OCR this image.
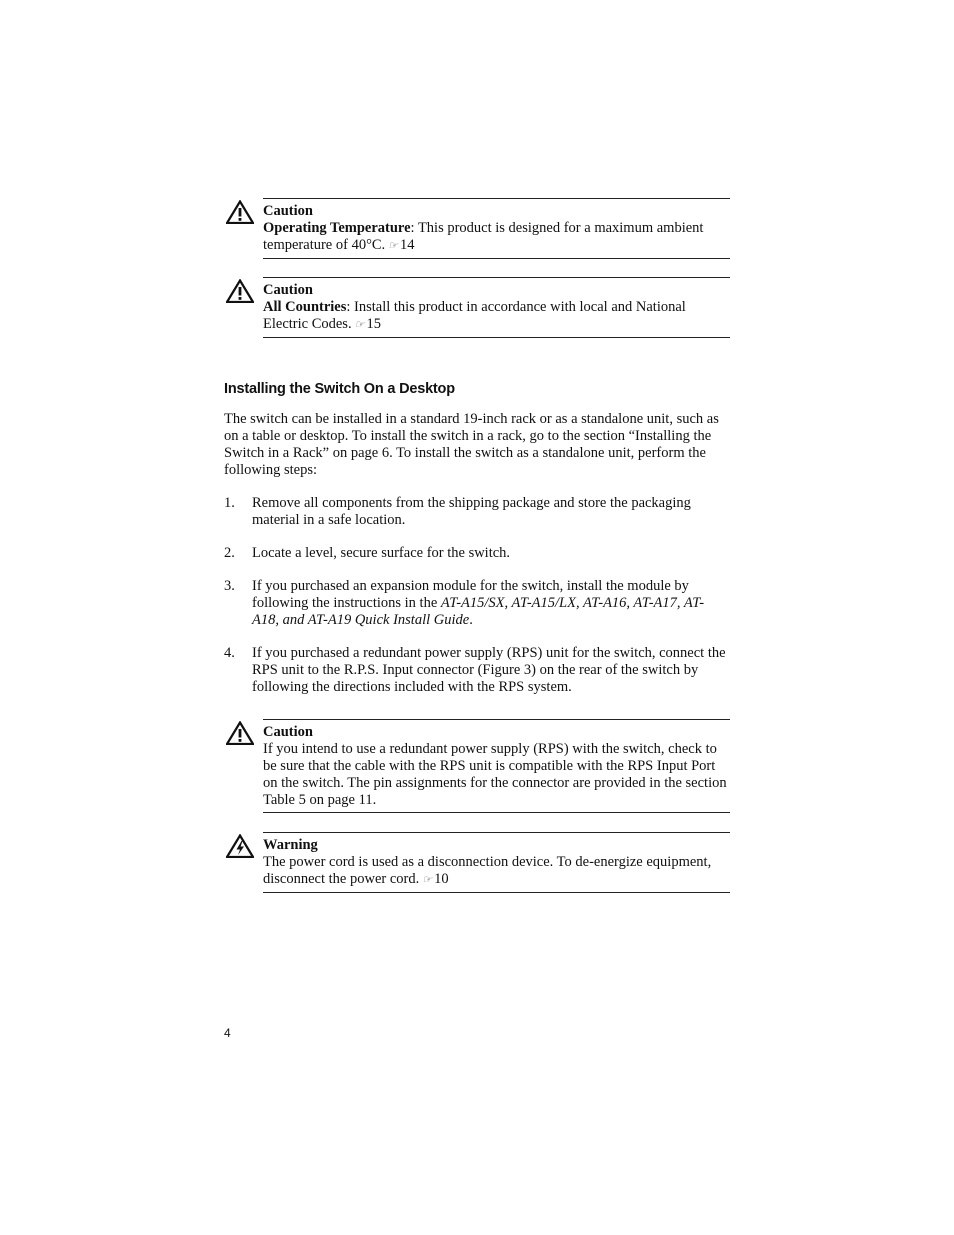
Caution
Operating Temperature: This product is designed for a maximum ambient temperature of 40°C. ☞ 14
Caution
All Countries: Install this product in accordance with local and National Electric Codes. ☞ 15
Installing the Switch On a Desktop
The switch can be installed in a standard 19-inch rack or as a standalone unit, such as on a table or desktop. To install the switch in a rack, go to the section “Installing the Switch in a Rack” on page 6. To install the switch as a standalone unit, perform the following steps:
1. Remove all components from the shipping package and store the packaging material in a safe location.
2. Locate a level, secure surface for the switch.
3. If you purchased an expansion module for the switch, install the module by following the instructions in the AT-A15/SX, AT-A15/LX, AT-A16, AT-A17, AT-A18, and AT-A19 Quick Install Guide.
4. If you purchased a redundant power supply (RPS) unit for the switch, connect the RPS unit to the R.P.S. Input connector (Figure 3) on the rear of the switch by following the directions included with the RPS system.
Caution
If you intend to use a redundant power supply (RPS) with the switch, check to be sure that the cable with the RPS unit is compatible with the RPS Input Port on the switch. The pin assignments for the connector are provided in the section Table 5 on page 11.
Warning
The power cord is used as a disconnection device. To de-energize equipment, disconnect the power cord. ☞ 10
4
